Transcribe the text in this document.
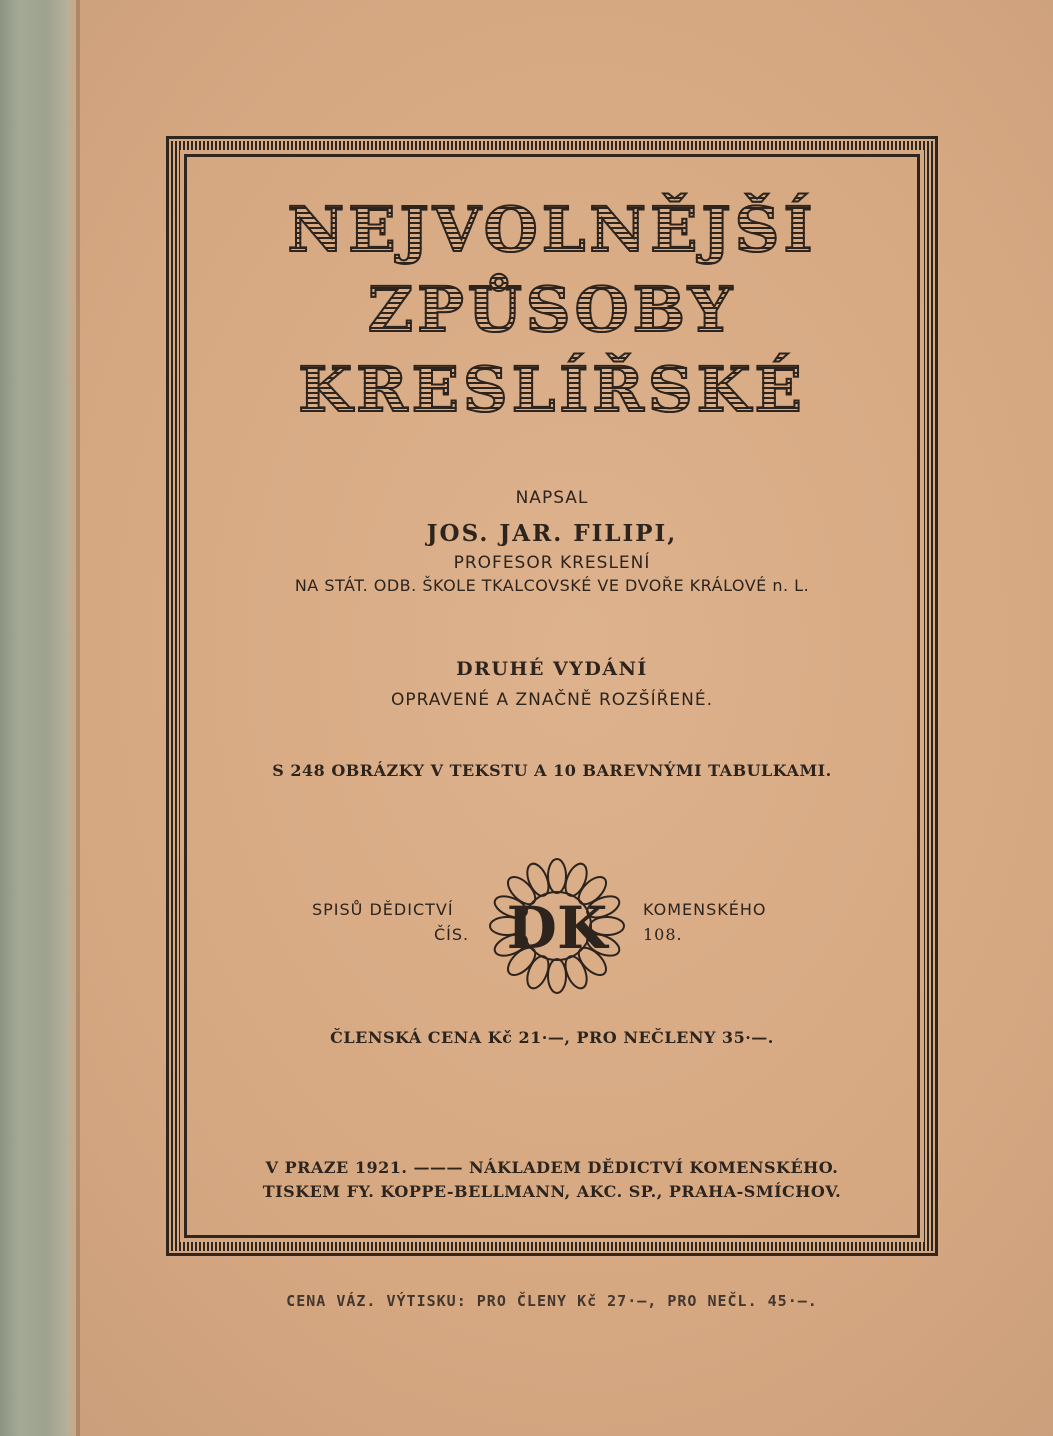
NEJVOLNĚJŠÍ
ZPŮSOBY
KRESLÍŘSKÉ
NAPSAL
JOS. JAR. FILIPI,
PROFESOR KRESLENÍ
NA STÁT. ODB. ŠKOLE TKALCOVSKÉ VE DVOŘE KRÁLOVÉ n. L.
DRUHÉ VYDÁNÍ
OPRAVENÉ A ZNAČNĚ ROZŠÍŘENÉ.
S 248 OBRÁZKY V TEKSTU A 10 BAREVNÝMI TABULKAMI.
SPISŮ DĚDICTVÍ
ČÍS.
KOMENSKÉHO
108.
DK
ČLENSKÁ CENA Kč 21·—, PRO NEČLENY 35·—.
V PRAZE 1921. ——— NÁKLADEM DĚDICTVÍ KOMENSKÉHO.
TISKEM FY. KOPPE-BELLMANN, AKC. SP., PRAHA-SMÍCHOV.
CENA VÁZ. VÝTISKU: PRO ČLENY Kč 27·—, PRO NEČL. 45·—.
